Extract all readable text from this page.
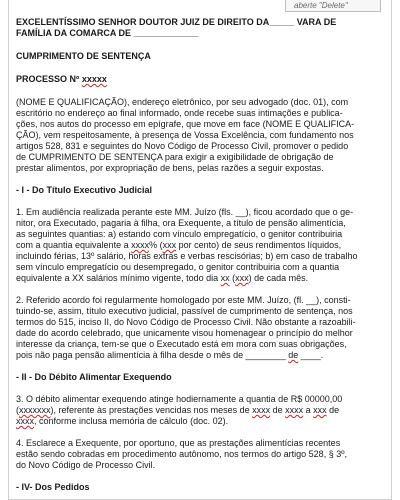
aberte "Delete"
EXCELENTÍSSIMO SENHOR DOUTOR JUIZ DE DIREITO DA_____ VARA DE
FAMÍLIA DA COMARCA DE _____________
CUMPRIMENTO DE SENTENÇA
PROCESSO Nº xxxxx
(NOME E QUALIFICAÇÃO), endereço eletrônico, por seu advogado (doc. 01), com
escritório no endereço ao final informado, onde recebe suas intimações e publica-
ções, nos autos do processo em epígrafe, que move em face (NOME E QUALIFICA-
ÇÃO), vem respeitosamente, à presença de Vossa Excelência, com fundamento nos
artigos 528, 831 e seguintes do Novo Código de Processo Civil, promover o pedido
de CUMPRIMENTO DE SENTENÇA para exigir a exigibilidade de obrigação de
prestar alimentos, por expropriação de bens, pelas razões a seguir expostas.
- I - Do Título Executivo Judicial
1. Em audiência realizada perante este MM. Juízo (fls. __), ficou acordado que o ge-
nitor, ora Executado, pagaria à filha, ora Exequente, a título de pensão alimentícia,
as seguintes quantias: a) estando com vínculo empregatício, o genitor contribuiria
com a quantia equivalente a xxxx% (xxx por cento) de seus rendimentos líquidos,
incluindo férias, 13º salário, horas extras e verbas rescisórias; b) em caso de trabalho
sem vínculo empregatício ou desempregado, o genitor contribuiria com a quantia
equivalente a XX salários mínimo vigente, todo dia xx (xxx) de cada mês.
2. Referido acordo foi regularmente homologado por este MM. Juízo, (fl. __), consti-
tuindo-se, assim, título executivo judicial, passível de cumprimento de sentença, nos
termos do 515, inciso II, do Novo Código de Processo Civil. Não obstante a razoabili-
dade do acordo celebrado, que unicamente visou homenagear o princípio do melhor
interesse da criança, tem-se que o Executado está em mora com suas obrigações,
pois não paga pensão alimentícia à filha desde o mês de ________ de ____.
- II - Do Débito Alimentar Exequendo
3. O débito alimentar exequendo atinge hodiernamente a quantia de R$ 00000,00
(xxxxxxx), referente às prestações vencidas nos meses de xxxx de xxxx a xxx de
xxxx, conforme inclusa memória de cálculo (doc. 02).
4. Esclarece a Exequente, por oportuno, que as prestações alimentícias recentes
estão sendo cobradas em procedimento autônomo, nos termos do artigo 528, § 3º,
do Novo Código de Processo Civil.
- IV- Dos Pedidos
